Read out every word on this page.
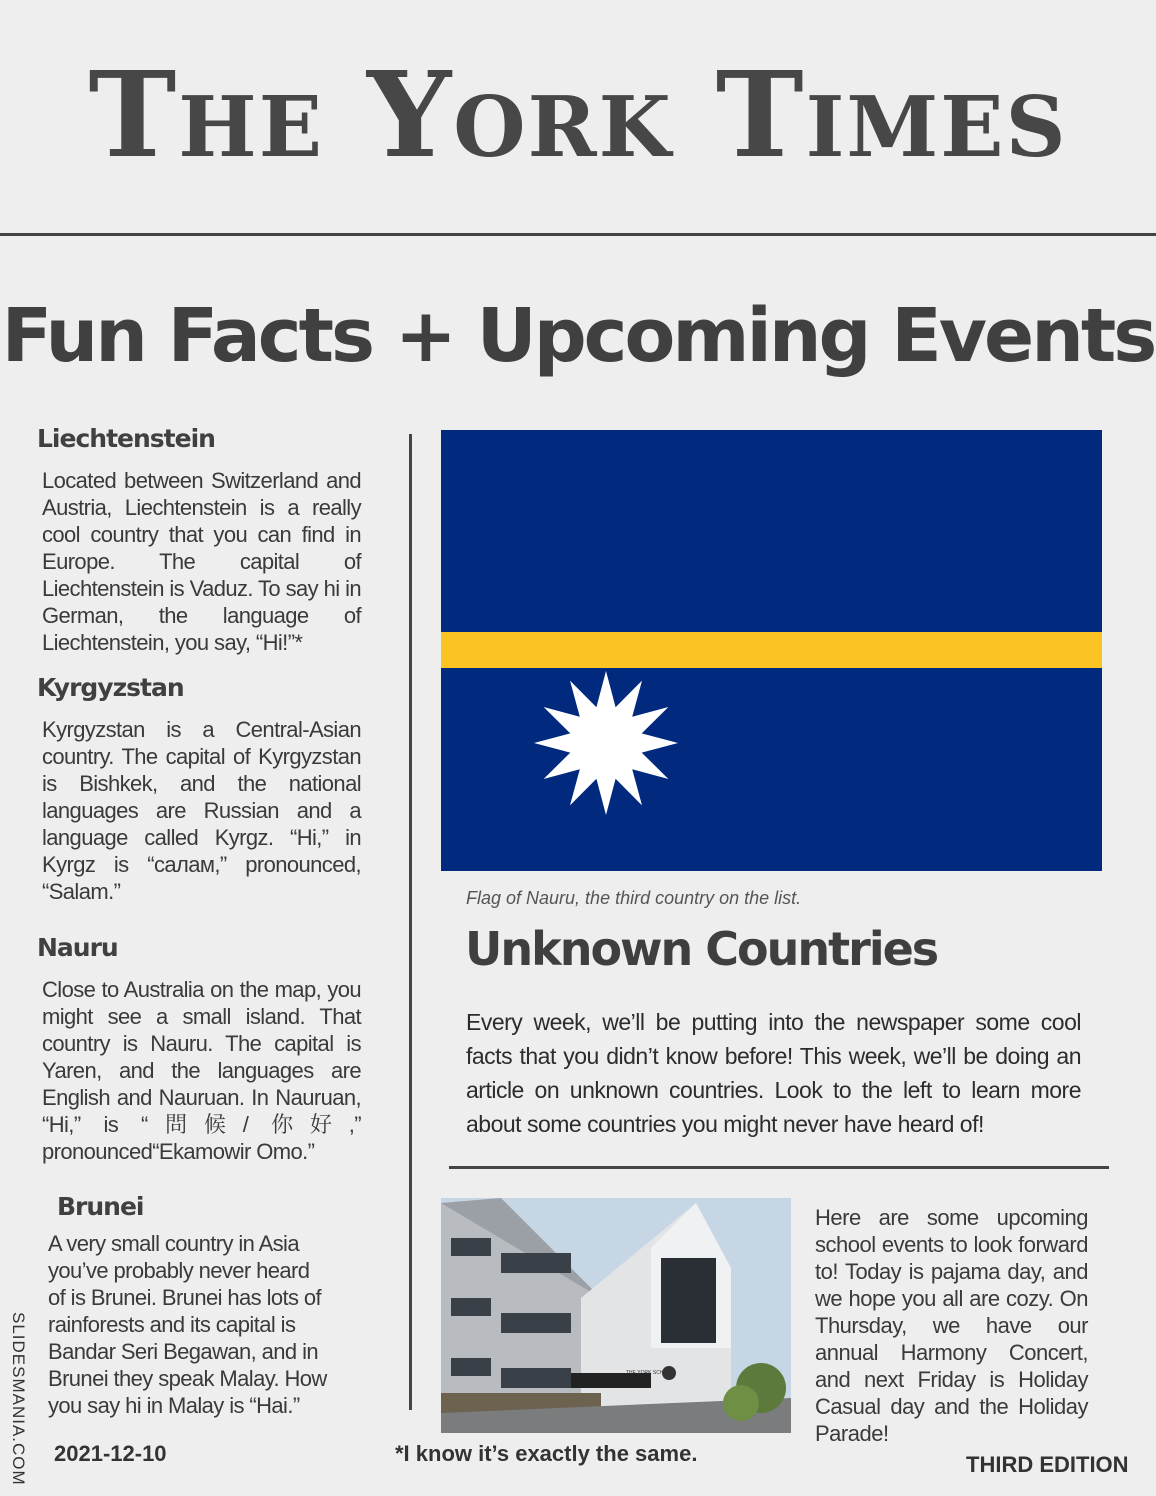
The York Times
Fun Facts + Upcoming Events
Liechtenstein
Located between Switzerland and Austria, Liechtenstein is a really cool country that you can find in Europe. The capital of Liechtenstein is Vaduz. To say hi in German, the language of Liechtenstein, you say, “Hi!”*
Kyrgyzstan
Kyrgyzstan is a Central-Asian country. The capital of Kyrgyzstan is Bishkek, and the national languages are Russian and a language called Kyrgz. “Hi,” in Kyrgz is “салам,” pronounced, “Salam.”
Nauru
Close to Australia on the map, you might see a small island. That country is Nauru. The capital is Yaren, and the languages are English and Nauruan. In Nauruan, “Hi,” is “問候/ 你好,” pronounced“Ekamowir Omo.”
Brunei
A very small country in Asia you’ve probably never heard of is Brunei. Brunei has lots of rainforests and its capital is Bandar Seri Begawan, and in Brunei they speak Malay. How you say hi in Malay is “Hai.”
Flag of Nauru, the third country on the list.
Unknown Countries
Every week, we’ll be putting into the newspaper some cool facts that you didn’t know before! This week, we’ll be doing an article on unknown countries. Look to the left to learn more about some countries you might never have heard of!
THE YORK SCHOOL
Here are some upcoming school events to look forward to! Today is pajama day, and we hope you all are cozy. On Thursday, we have our annual Harmony Concert, and next Friday is Holiday Casual day and the Holiday Parade!
2021-12-10	*I know it’s exactly the same.	THIRD EDITION
SLIDESMANIA.COM
